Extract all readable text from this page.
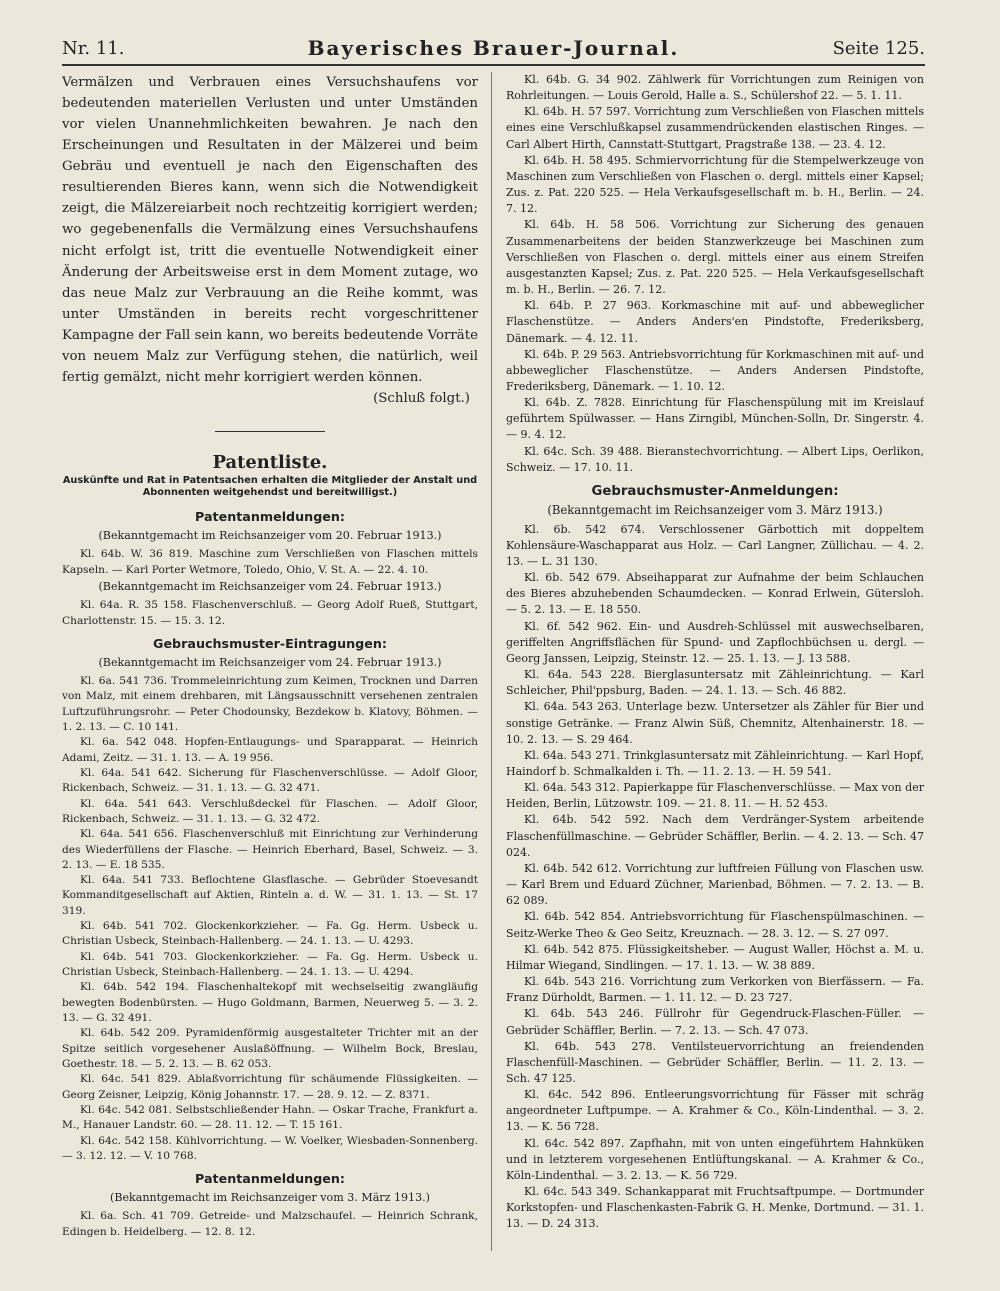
Nr. 11.	Bayerisches Brauer-Journal.	Seite 125.

Vermälzen und Verbrauen eines Versuchshaufens vor bedeutenden materiellen Verlusten und unter Umständen vor vielen Unannehmlichkeiten bewahren. Je nach den Erscheinungen und Resultaten in der Mälzerei und beim Gebräu und eventuell je nach den Eigenschaften des resultierenden Bieres kann, wenn sich die Notwendigkeit zeigt, die Mälzereiarbeit noch rechtzeitig korrigiert werden; wo gegebenenfalls die Vermälzung eines Versuchshaufens nicht erfolgt ist, tritt die eventuelle Notwendigkeit einer Änderung der Arbeitsweise erst in dem Moment zutage, wo das neue Malz zur Verbrauung an die Reihe kommt, was unter Umständen in bereits recht vorgeschrittener Kampagne der Fall sein kann, wo bereits bedeutende Vorräte von neuem Malz zur Verfügung stehen, die natürlich, weil fertig gemälzt, nicht mehr korrigiert werden können.
(Schluß folgt.)

Patentliste.
Auskünfte und Rat in Patentsachen erhalten die Mitglieder der Anstalt und Abonnenten weitgehendst und bereitwilligst.)
Patentanmeldungen:
(Bekanntgemacht im Reichsanzeiger vom 20. Februar 1913.)

Kl. 64b. W. 36 819. Maschine zum Verschließen von Flaschen mittels Kapseln. — Karl Porter Wetmore, Toledo, Ohio, V. St. A. — 22. 4. 10.

(Bekanntgemacht im Reichsanzeiger vom 24. Februar 1913.)

Kl. 64a. R. 35 158. Flaschenverschluß. — Georg Adolf Rueß, Stuttgart, Charlottenstr. 15. — 15. 3. 12.

Gebrauchsmuster-Eintragungen:
(Bekanntgemacht im Reichsanzeiger vom 24. Februar 1913.)

Kl. 6a. 541 736. Trommeleinrichtung zum Keimen, Trocknen und Darren von Malz, mit einem drehbaren, mit Längsausschnitt versehenen zentralen Luftzuführungsrohr. — Peter Chodounsky, Bezdekow b. Klatovy, Böhmen. — 1. 2. 13. — C. 10 141.

Kl. 6a. 542 048. Hopfen-Entlaugungs- und Sparapparat. — Heinrich Adami, Zeitz. — 31. 1. 13. — A. 19 956.

Kl. 64a. 541 642. Sicherung für Flaschenverschlüsse. — Adolf Gloor, Rickenbach, Schweiz. — 31. 1. 13. — G. 32 471.

Kl. 64a. 541 643. Verschlußdeckel für Flaschen. — Adolf Gloor, Rickenbach, Schweiz. — 31. 1. 13. — G. 32 472.

Kl. 64a. 541 656. Flaschenverschluß mit Einrichtung zur Verhinderung des Wiederfüllens der Flasche. — Heinrich Eberhard, Basel, Schweiz. — 3. 2. 13. — E. 18 535.

Kl. 64a. 541 733. Beflochtene Glasflasche. — Gebrüder Stoevesandt Kommanditgesellschaft auf Aktien, Rinteln a. d. W. — 31. 1. 13. — St. 17 319.

Kl. 64b. 541 702. Glockenkorkzieher. — Fa. Gg. Herm. Usbeck u. Christian Usbeck, Steinbach-Hallenberg. — 24. 1. 13. — U. 4293.

Kl. 64b. 541 703. Glockenkorkzieher. — Fa. Gg. Herm. Usbeck u. Christian Usbeck, Steinbach-Hallenberg. — 24. 1. 13. — U. 4294.

Kl. 64b. 542 194. Flaschenhaltekopf mit wechselseitig zwangläufig bewegten Bodenbürsten. — Hugo Goldmann, Barmen, Neuerweg 5. — 3. 2. 13. — G. 32 491.

Kl. 64b. 542 209. Pyramidenförmig ausgestalteter Trichter mit an der Spitze seitlich vorgesehener Auslaßöffnung. — Wilhelm Bock, Breslau, Goethestr. 18. — 5. 2. 13. — B. 62 053.

Kl. 64c. 541 829. Ablaßvorrichtung für schäumende Flüssigkeiten. — Georg Zeisner, Leipzig, König Johannstr. 17. — 28. 9. 12. — Z. 8371.

Kl. 64c. 542 081. Selbstschließender Hahn. — Oskar Trache, Frankfurt a. M., Hanauer Landstr. 60. — 28. 11. 12. — T. 15 161.

Kl. 64c. 542 158. Kühlvorrichtung. — W. Voelker, Wiesbaden-Sonnenberg. — 3. 12. 12. — V. 10 768.

Patentanmeldungen:
(Bekanntgemacht im Reichsanzeiger vom 3. März 1913.)

Kl. 6a. Sch. 41 709. Getreide- und Malzschaufel. — Heinrich Schrank, Edingen b. Heidelberg. — 12. 8. 12.

Kl. 64b. G. 34 902. Zählwerk für Vorrichtungen zum Reinigen von Rohrleitungen. — Louis Gerold, Halle a. S., Schülershof 22. — 5. 1. 11.

Kl. 64b. H. 57 597. Vorrichtung zum Verschließen von Flaschen mittels eines eine Verschlußkapsel zusammendrückenden elastischen Ringes. — Carl Albert Hirth, Cannstatt-Stuttgart, Pragstraße 138. — 23. 4. 12.

Kl. 64b. H. 58 495. Schmiervorrichtung für die Stempelwerkzeuge von Maschinen zum Verschließen von Flaschen o. dergl. mittels einer Kapsel; Zus. z. Pat. 220 525. — Hela Verkaufsgesellschaft m. b. H., Berlin. — 24. 7. 12.

Kl. 64b. H. 58 506. Vorrichtung zur Sicherung des genauen Zusammenarbeitens der beiden Stanzwerkzeuge bei Maschinen zum Verschließen von Flaschen o. dergl. mittels einer aus einem Streifen ausgestanzten Kapsel; Zus. z. Pat. 220 525. — Hela Verkaufsgesellschaft m. b. H., Berlin. — 26. 7. 12.

Kl. 64b. P. 27 963. Korkmaschine mit auf- und abbeweglicher Flaschenstütze. — Anders Anders'en Pindstofte, Frederiksberg, Dänemark. — 4. 12. 11.

Kl. 64b. P. 29 563. Antriebsvorrichtung für Korkmaschinen mit auf- und abbeweglicher Flaschenstütze. — Anders Andersen Pindstofte, Frederiksberg, Dänemark. — 1. 10. 12.

Kl. 64b. Z. 7828. Einrichtung für Flaschenspülung mit im Kreislauf geführtem Spülwasser. — Hans Zirngibl, München-Solln, Dr. Singerstr. 4. — 9. 4. 12.

Kl. 64c. Sch. 39 488. Bieranstechvorrichtung. — Albert Lips, Oerlikon, Schweiz. — 17. 10. 11.

Gebrauchsmuster-Anmeldungen:
(Bekanntgemacht im Reichsanzeiger vom 3. März 1913.)

Kl. 6b. 542 674. Verschlossener Gärbottich mit doppeltem Kohlensäure-Waschapparat aus Holz. — Carl Langner, Züllichau. — 4. 2. 13. — L. 31 130.

Kl. 6b. 542 679. Abseihapparat zur Aufnahme der beim Schlauchen des Bieres abzuhebenden Schaumdecken. — Konrad Erlwein, Gütersloh. — 5. 2. 13. — E. 18 550.

Kl. 6f. 542 962. Ein- und Ausdreh-Schlüssel mit auswechselbaren, geriffelten Angriffsflächen für Spund- und Zapflochbüchsen u. dergl. — Georg Janssen, Leipzig, Steinstr. 12. — 25. 1. 13. — J. 13 588.

Kl. 64a. 543 228. Bierglasuntersatz mit Zähleinrichtung. — Karl Schleicher, Phil'ppsburg, Baden. — 24. 1. 13. — Sch. 46 882.

Kl. 64a. 543 263. Unterlage bezw. Untersetzer als Zähler für Bier und sonstige Getränke. — Franz Alwin Süß, Chemnitz, Altenhainerstr. 18. — 10. 2. 13. — S. 29 464.

Kl. 64a. 543 271. Trinkglasuntersatz mit Zähleinrichtung. — Karl Hopf, Haindorf b. Schmalkalden i. Th. — 11. 2. 13. — H. 59 541.

Kl. 64a. 543 312. Papierkappe für Flaschenverschlüsse. — Max von der Heiden, Berlin, Lützowstr. 109. — 21. 8. 11. — H. 52 453.

Kl. 64b. 542 592. Nach dem Verdränger-System arbeitende Flaschenfüllmaschine. — Gebrüder Schäffler, Berlin. — 4. 2. 13. — Sch. 47 024.

Kl. 64b. 542 612. Vorrichtung zur luftfreien Füllung von Flaschen usw. — Karl Brem und Eduard Züchner, Marienbad, Böhmen. — 7. 2. 13. — B. 62 089.

Kl. 64b. 542 854. Antriebsvorrichtung für Flaschenspülmaschinen. — Seitz-Werke Theo & Geo Seitz, Kreuznach. — 28. 3. 12. — S. 27 097.

Kl. 64b. 542 875. Flüssigkeitsheber. — August Waller, Höchst a. M. u. Hilmar Wiegand, Sindlingen. — 17. 1. 13. — W. 38 889.

Kl. 64b. 543 216. Vorrichtung zum Verkorken von Bierfässern. — Fa. Franz Dürholdt, Barmen. — 1. 11. 12. — D. 23 727.

Kl. 64b. 543 246. Füllrohr für Gegendruck-Flaschen-Füller. — Gebrüder Schäffler, Berlin. — 7. 2. 13. — Sch. 47 073.

Kl. 64b. 543 278. Ventilsteuervorrichtung an freiendenden Flaschenfüll-Maschinen. — Gebrüder Schäffler, Berlin. — 11. 2. 13. — Sch. 47 125.

Kl. 64c. 542 896. Entleerungsvorrichtung für Fässer mit schräg angeordneter Luftpumpe. — A. Krahmer & Co., Köln-Lindenthal. — 3. 2. 13. — K. 56 728.

Kl. 64c. 542 897. Zapfhahn, mit von unten eingeführtem Hahnküken und in letzterem vorgesehenen Entlüftungskanal. — A. Krahmer & Co., Köln-Lindenthal. — 3. 2. 13. — K. 56 729.

Kl. 64c. 543 349. Schankapparat mit Fruchtsaftpumpe. — Dortmunder Korkstopfen- und Flaschenkasten-Fabrik G. H. Menke, Dortmund. — 31. 1. 13. — D. 24 313.
